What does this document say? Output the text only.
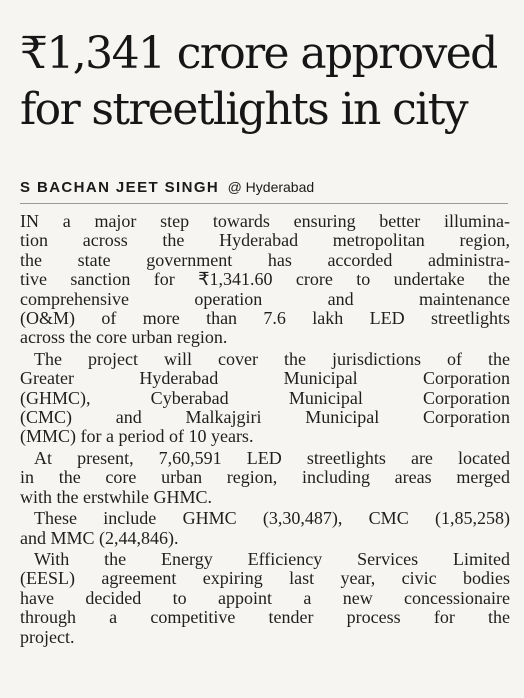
₹1,341 crore approved
for streetlights in city
S BACHAN JEET SINGH @ Hyderabad

IN a major step towards ensuring better illumina-
tion across the Hyderabad metropolitan region,
the state government has accorded administra-
tive sanction for ₹1,341.60 crore to undertake the
comprehensive operation and maintenance
(O&M) of more than 7.6 lakh LED streetlights
across the core urban region.

The project will cover the jurisdictions of the
Greater Hyderabad Municipal Corporation
(GHMC), Cyberabad Municipal Corporation
(CMC) and Malkajgiri Municipal Corporation
(MMC) for a period of 10 years.

At present, 7,60,591 LED streetlights are located
in the core urban region, including areas merged
with the erstwhile GHMC.

These include GHMC (3,30,487), CMC (1,85,258)
and MMC (2,44,846).

With the Energy Efficiency Services Limited
(EESL) agreement expiring last year, civic bodies
have decided to appoint a new concessionaire
through a competitive tender process for the
project.
